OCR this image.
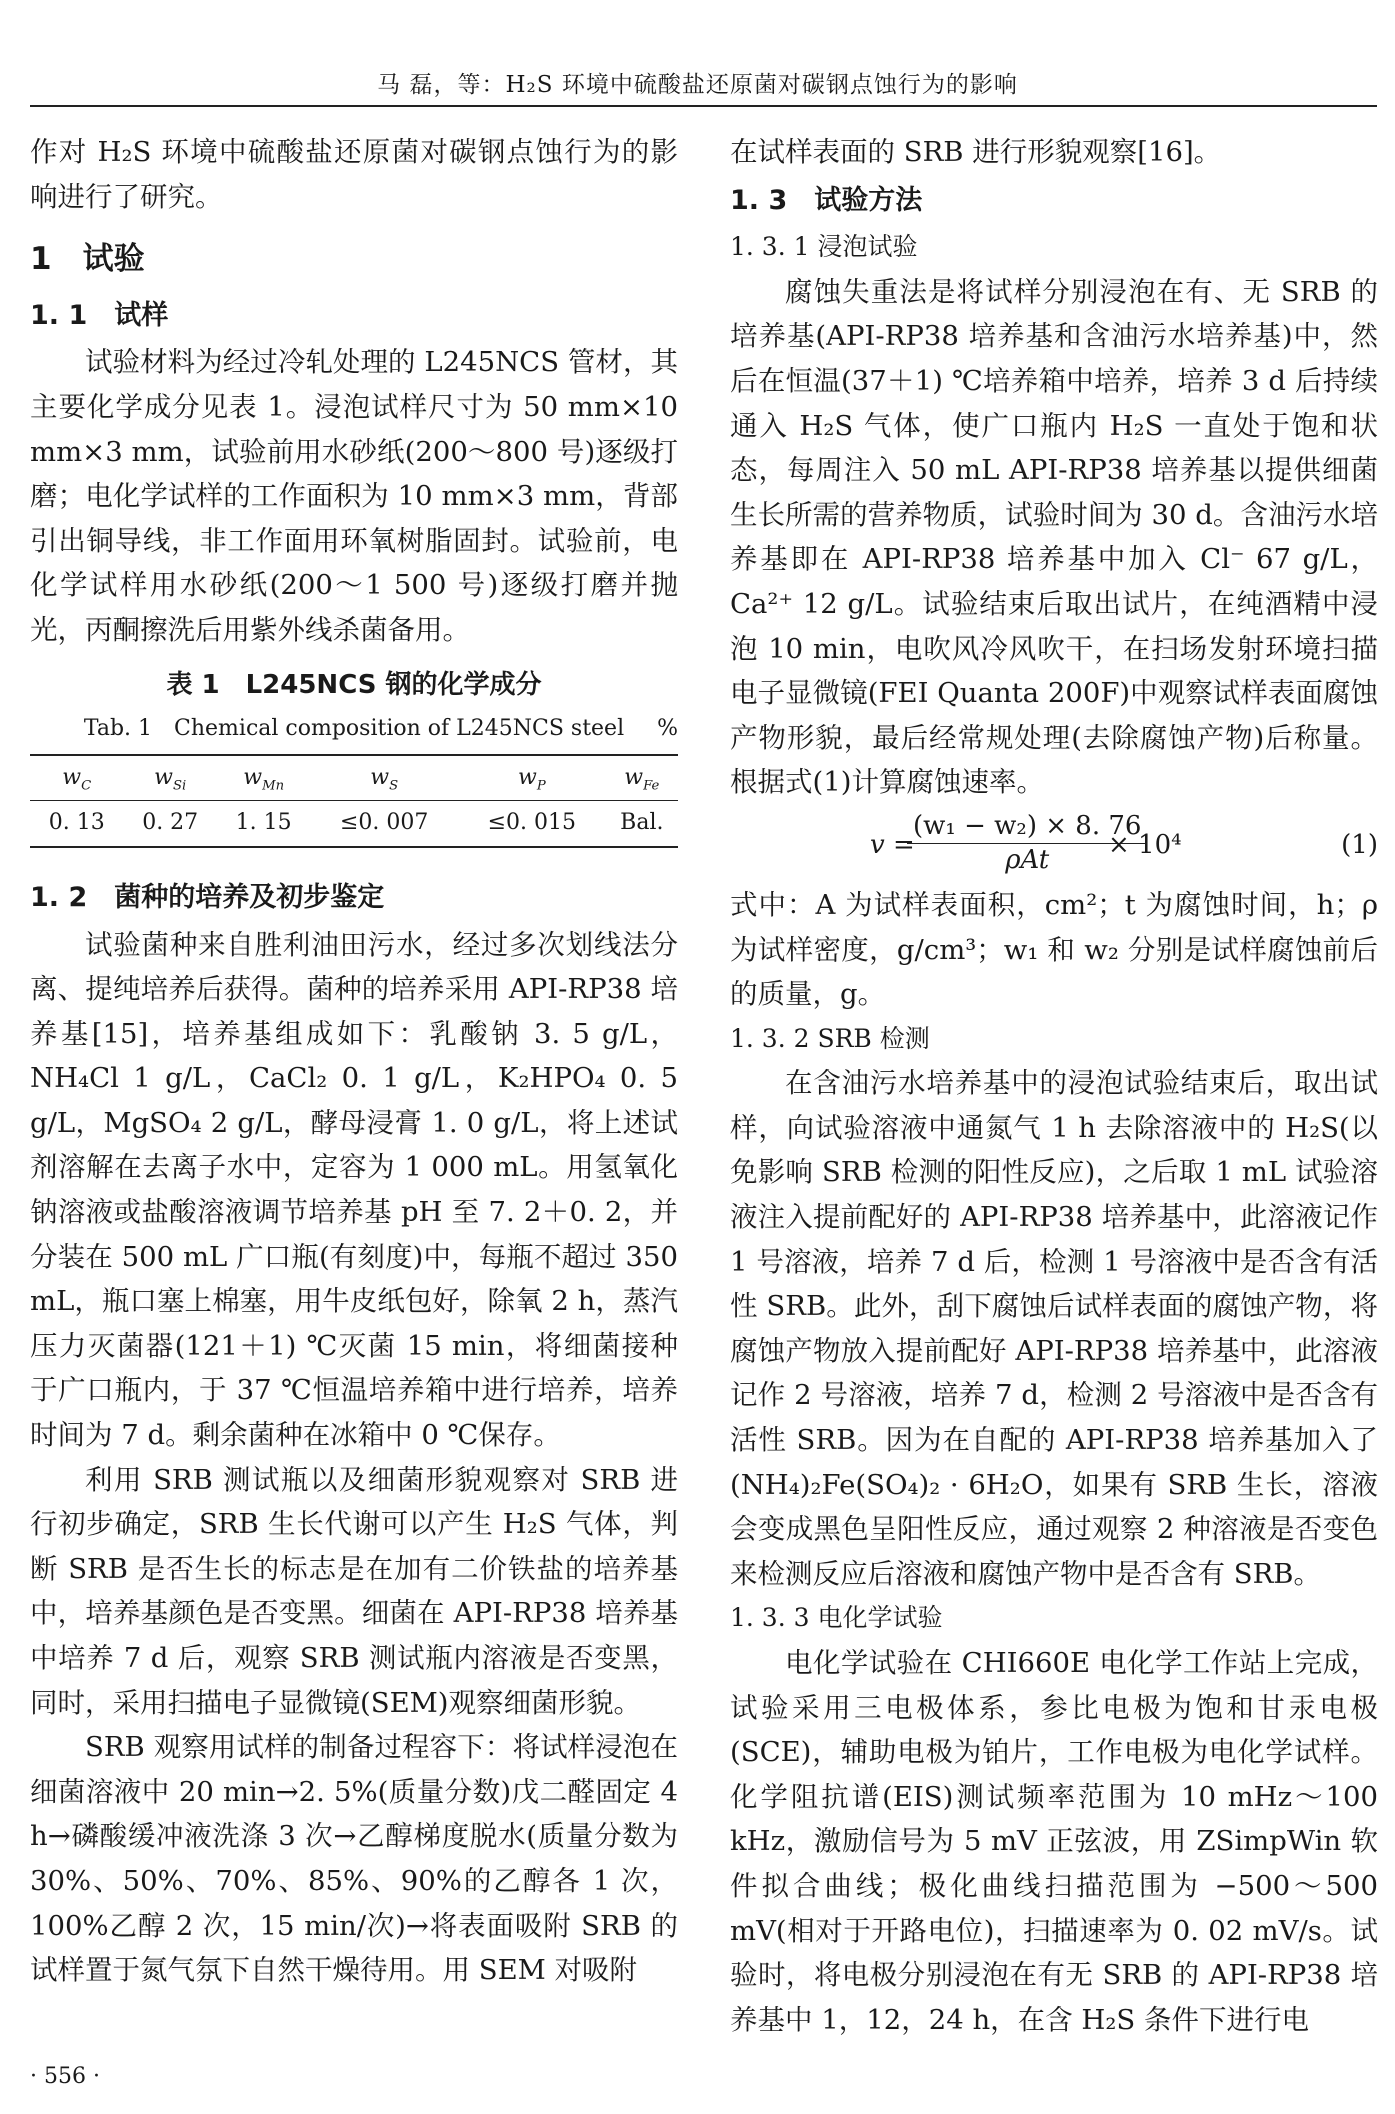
马 磊，等：H₂S 环境中硫酸盐还原菌对碳钢点蚀行为的影响

作对 H₂S 环境中硫酸盐还原菌对碳钢点蚀行为的影响进行了研究。

1　试验

1. 1　试样

试验材料为经过冷轧处理的 L245NCS 管材，其主要化学成分见表 1。浸泡试样尺寸为 50 mm×10 mm×3 mm，试验前用水砂纸(200～800 号)逐级打磨；电化学试样的工作面积为 10 mm×3 mm，背部引出铜导线，非工作面用环氧树脂固封。试验前，电化学试样用水砂纸(200～1 500 号)逐级打磨并抛光，丙酮擦洗后用紫外线杀菌备用。

表 1　L245NCS 钢的化学成分

Tab. 1　Chemical composition of L245NCS steel %

$w_C$	$w_{Si}$	$w_{Mn}$	$w_S$	$w_P$	$w_{Fe}$
0. 13	0. 27	1. 15	≤0. 007	≤0. 015	Bal.

1. 2　菌种的培养及初步鉴定

试验菌种来自胜利油田污水，经过多次划线法分离、提纯培养后获得。菌种的培养采用 API-RP38 培养基[15]，培养基组成如下：乳酸钠 3. 5 g/L，NH₄Cl 1 g/L，CaCl₂ 0. 1 g/L，K₂HPO₄ 0. 5 g/L，MgSO₄ 2 g/L，酵母浸膏 1. 0 g/L，将上述试剂溶解在去离子水中，定容为 1 000 mL。用氢氧化钠溶液或盐酸溶液调节培养基 pH 至 7. 2＋0. 2，并分装在 500 mL 广口瓶(有刻度)中，每瓶不超过 350 mL，瓶口塞上棉塞，用牛皮纸包好，除氧 2 h，蒸汽压力灭菌器(121＋1) ℃灭菌 15 min，将细菌接种于广口瓶内，于 37 ℃恒温培养箱中进行培养，培养时间为 7 d。剩余菌种在冰箱中 0 ℃保存。

利用 SRB 测试瓶以及细菌形貌观察对 SRB 进行初步确定，SRB 生长代谢可以产生 H₂S 气体，判断 SRB 是否生长的标志是在加有二价铁盐的培养基中，培养基颜色是否变黑。细菌在 API-RP38 培养基中培养 7 d 后，观察 SRB 测试瓶内溶液是否变黑，同时，采用扫描电子显微镜(SEM)观察细菌形貌。

SRB 观察用试样的制备过程容下：将试样浸泡在细菌溶液中 20 min→2. 5%(质量分数)戊二醛固定 4 h→磷酸缓冲液洗涤 3 次→乙醇梯度脱水(质量分数为 30%、50%、70%、85%、90%的乙醇各 1 次，100%乙醇 2 次，15 min/次)→将表面吸附 SRB 的试样置于氮气氛下自然干燥待用。用 SEM 对吸附

在试样表面的 SRB 进行形貌观察[16]。

1. 3　试验方法

1. 3. 1 浸泡试验

腐蚀失重法是将试样分别浸泡在有、无 SRB 的培养基(API-RP38 培养基和含油污水培养基)中，然后在恒温(37＋1) ℃培养箱中培养，培养 3 d 后持续通入 H₂S 气体，使广口瓶内 H₂S 一直处于饱和状态，每周注入 50 mL API-RP38 培养基以提供细菌生长所需的营养物质，试验时间为 30 d。含油污水培养基即在 API-RP38 培养基中加入 Cl⁻ 67 g/L，Ca²⁺ 12 g/L。试验结束后取出试片，在纯酒精中浸泡 10 min，电吹风冷风吹干，在扫场发射环境扫描电子显微镜(FEI Quanta 200F)中观察试样表面腐蚀产物形貌，最后经常规处理(去除腐蚀产物)后称量。根据式(1)计算腐蚀速率。

v =
(w₁ − w₂) × 8. 76
ρAt	× 10⁴	(1)

式中：A 为试样表面积，cm²；t 为腐蚀时间，h；ρ 为试样密度，g/cm³；w₁ 和 w₂ 分别是试样腐蚀前后的质量，g。

1. 3. 2 SRB 检测

在含油污水培养基中的浸泡试验结束后，取出试样，向试验溶液中通氮气 1 h 去除溶液中的 H₂S(以免影响 SRB 检测的阳性反应)，之后取 1 mL 试验溶液注入提前配好的 API-RP38 培养基中，此溶液记作 1 号溶液，培养 7 d 后，检测 1 号溶液中是否含有活性 SRB。此外，刮下腐蚀后试样表面的腐蚀产物，将腐蚀产物放入提前配好 API-RP38 培养基中，此溶液记作 2 号溶液，培养 7 d，检测 2 号溶液中是否含有活性 SRB。因为在自配的 API-RP38 培养基加入了(NH₄)₂Fe(SO₄)₂ · 6H₂O，如果有 SRB 生长，溶液会变成黑色呈阳性反应，通过观察 2 种溶液是否变色来检测反应后溶液和腐蚀产物中是否含有 SRB。

1. 3. 3 电化学试验

电化学试验在 CHI660E 电化学工作站上完成，试验采用三电极体系，参比电极为饱和甘汞电极(SCE)，辅助电极为铂片，工作电极为电化学试样。化学阻抗谱(EIS)测试频率范围为 10 mHz～100 kHz，激励信号为 5 mV 正弦波，用 ZSimpWin 软件拟合曲线；极化曲线扫描范围为 −500～500 mV(相对于开路电位)，扫描速率为 0. 02 mV/s。试验时，将电极分别浸泡在有无 SRB 的 API-RP38 培养基中 1，12，24 h，在含 H₂S 条件下进行电

· 556 ·
